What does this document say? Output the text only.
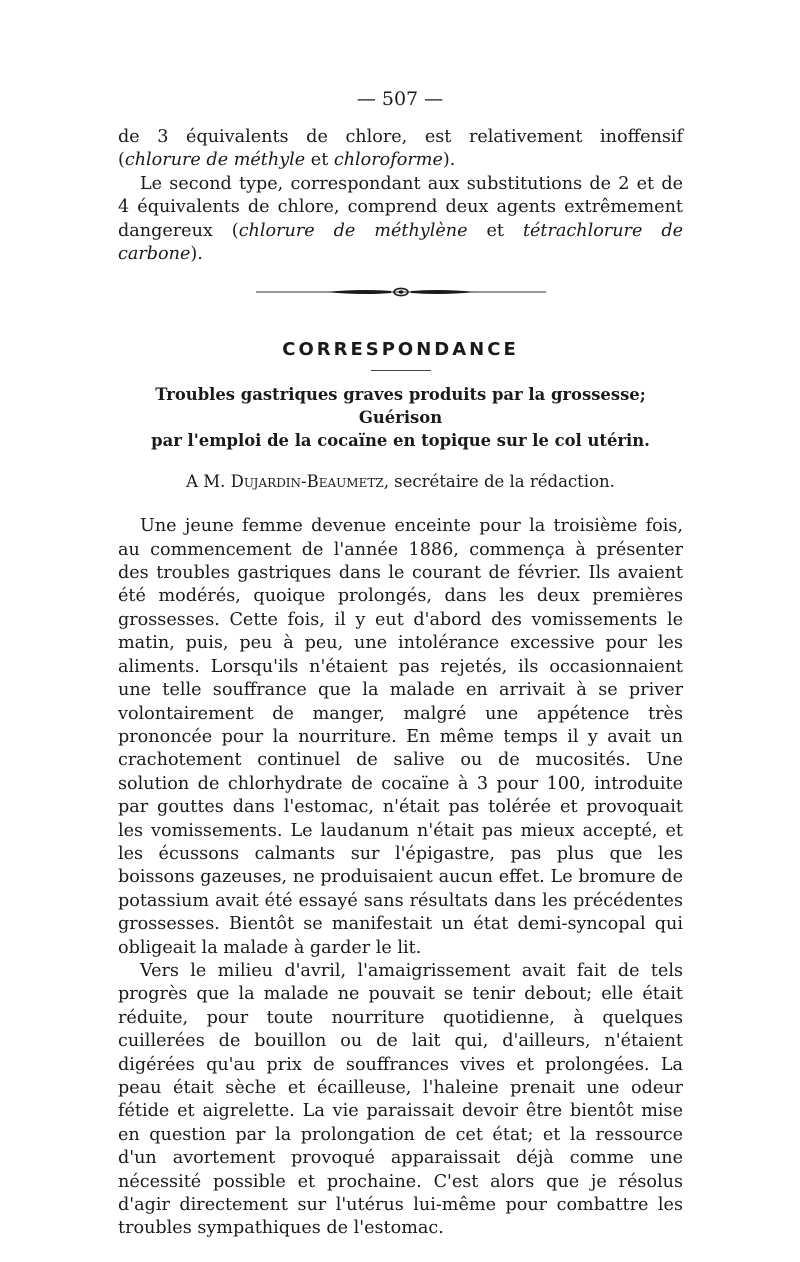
— 507 —

de 3 équivalents de chlore, est relativement inoffensif (chlorure de méthyle et chloroforme).

Le second type, correspondant aux substitutions de 2 et de 4 équivalents de chlore, comprend deux agents extrêmement dangereux (chlorure de méthylène et tétrachlorure de carbone).

CORRESPONDANCE

Troubles gastriques graves produits par la grossesse;

Guérison

par l'emploi de la cocaïne en topique sur le col utérin.

A M. Dujardin-Beaumetz, secrétaire de la rédaction.

Une jeune femme devenue enceinte pour la troisième fois, au commencement de l'année 1886, commença à présenter des troubles gastriques dans le courant de février. Ils avaient été modérés, quoique prolongés, dans les deux premières grossesses. Cette fois, il y eut d'abord des vomissements le matin, puis, peu à peu, une intolérance excessive pour les aliments. Lorsqu'ils n'étaient pas rejetés, ils occasionnaient une telle souffrance que la malade en arrivait à se priver volontairement de manger, malgré une appétence très prononcée pour la nourriture. En même temps il y avait un crachotement continuel de salive ou de mucosités. Une solution de chlorhydrate de cocaïne à 3 pour 100, introduite par gouttes dans l'estomac, n'était pas tolérée et provoquait les vomissements. Le laudanum n'était pas mieux accepté, et les écussons calmants sur l'épigastre, pas plus que les boissons gazeuses, ne produisaient aucun effet. Le bromure de potassium avait été essayé sans résultats dans les précédentes grossesses. Bientôt se manifestait un état demi-syncopal qui obligeait la malade à garder le lit.

Vers le milieu d'avril, l'amaigrissement avait fait de tels progrès que la malade ne pouvait se tenir debout; elle était réduite, pour toute nourriture quotidienne, à quelques cuillerées de bouillon ou de lait qui, d'ailleurs, n'étaient digérées qu'au prix de souffrances vives et prolongées. La peau était sèche et écailleuse, l'haleine prenait une odeur fétide et aigrelette. La vie paraissait devoir être bientôt mise en question par la prolongation de cet état; et la ressource d'un avortement provoqué apparaissait déjà comme une nécessité possible et prochaine. C'est alors que je résolus d'agir directement sur l'utérus lui-même pour combattre les troubles sympathiques de l'estomac.
